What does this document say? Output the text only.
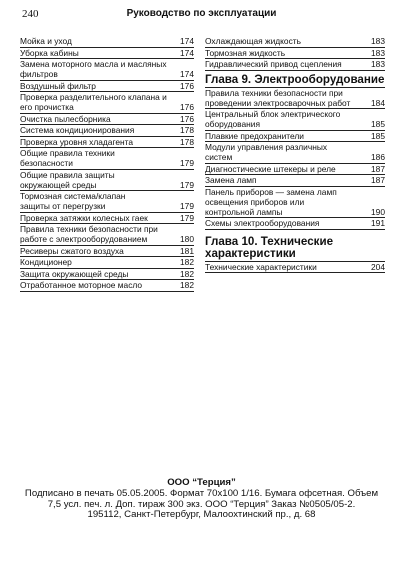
240	Руководство по эксплуатации
Мойка и уход	174
Уборка кабины	174
Замена моторного масла и масляных
фильтров	174
Воздушный фильтр	176
Проверка разделительного клапана и
его прочистка	176
Очистка пылесборника	176
Система кондиционирования	178
Проверка уровня хладагента	178
Общие правила техники
безопасности	179
Общие правила защиты
окружающей среды	179
Тормозная система/клапан
защиты от перегрузки	179
Проверка затяжки колесных гаек	179
Правила техники безопасности при
работе с электрооборудованием	180
Ресиверы сжатого воздуха	181
Кондиционер	182
Защита окружающей среды	182
Отработанное моторное масло	182
Охлаждающая жидкость	183
Тормозная жидкость	183
Гидравлический привод сцепления	183
Глава 9. Электрооборудование
Правила техники безопасности при
проведении электросварочных работ	184
Центральный блок электрического
оборудования	185
Плавкие предохранители	185
Модули управления различных
систем	186
Диагностические штекеры и реле	187
Замена ламп	187
Панель приборов — замена ламп
освещения приборов или
контрольной лампы	190
Схемы электрооборудования	191
Глава 10. Технические
характеристики
Технические характеристики	204
ООО “Терция”
Подписано в печать 05.05.2005. Формат 70х100 1/16. Бумага офсетная. Объем
7,5 усл. печ. л. Доп. тираж 300 экз. ООО “Терция” Заказ №0505/05-2.
195112, Санкт-Петербург, Малоохтинский пр., д. 68
